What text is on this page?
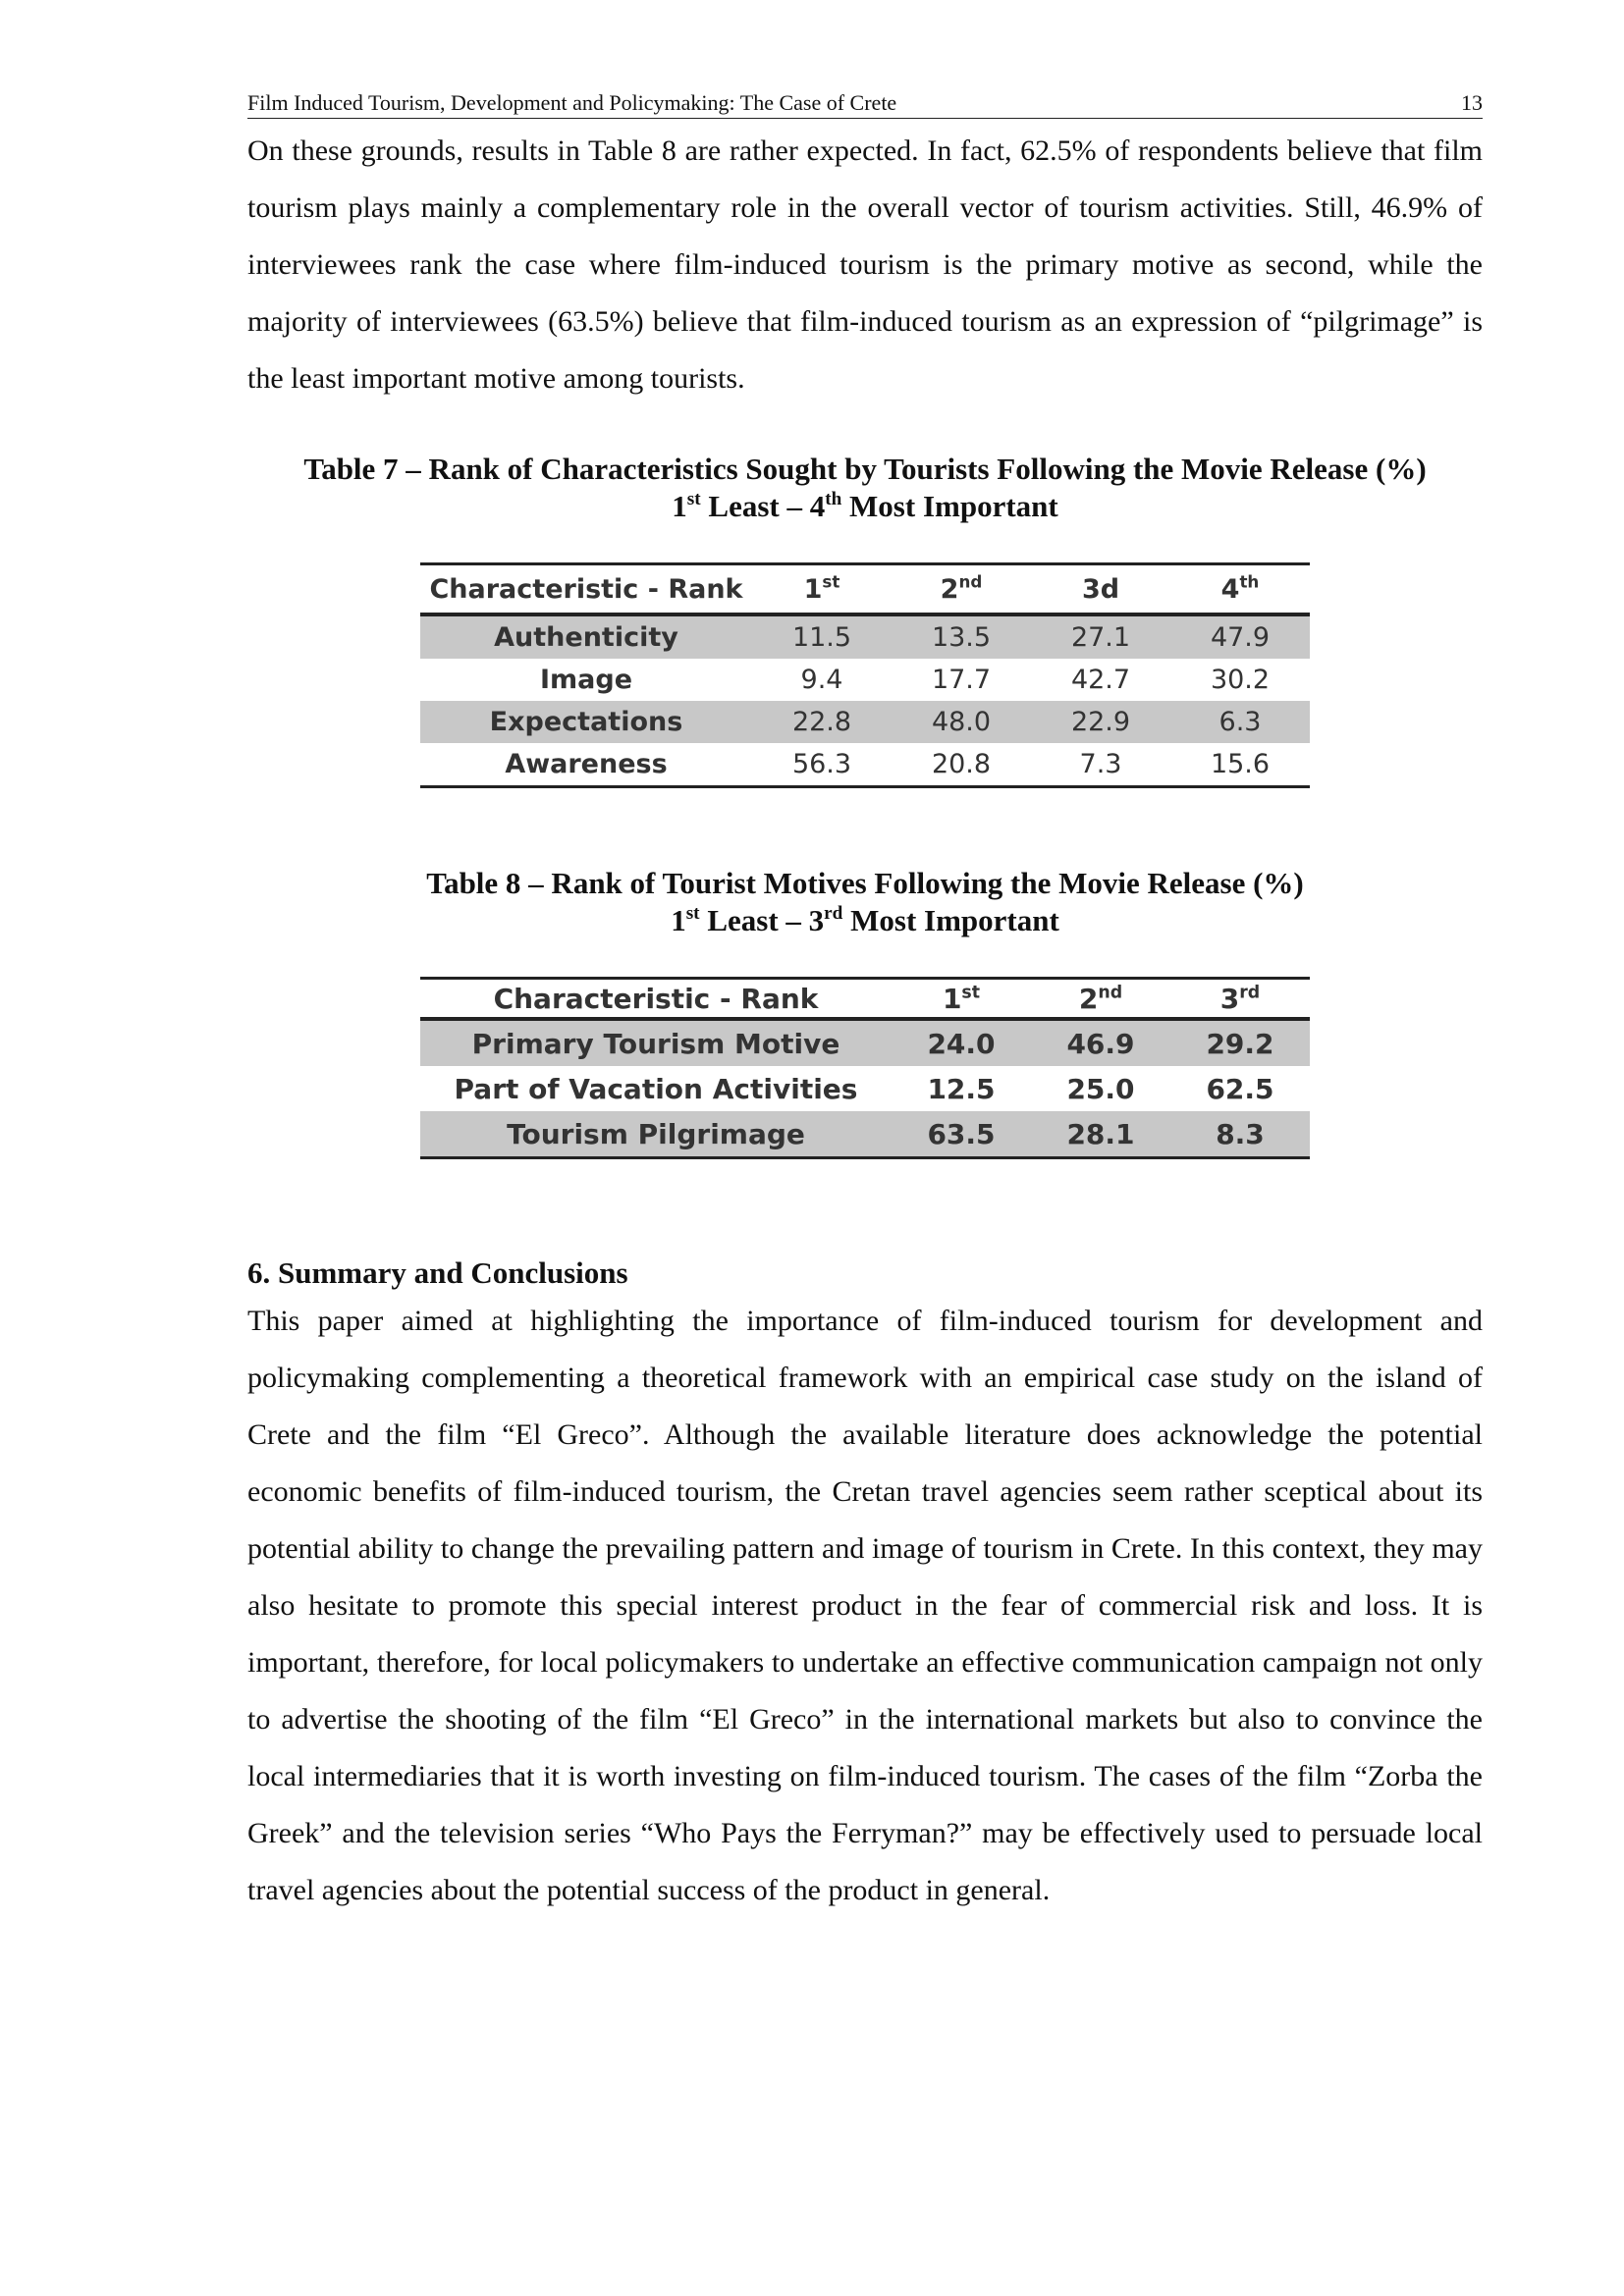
Film Induced Tourism, Development and Policymaking: The Case of Crete	13

On these grounds, results in Table 8 are rather expected. In fact, 62.5% of respondents believe that film tourism plays mainly a complementary role in the overall vector of tourism activities. Still, 46.9% of interviewees rank the case where film-induced tourism is the primary motive as second, while the majority of interviewees (63.5%) believe that film-induced tourism as an expression of “pilgrimage” is the least important motive among tourists.

Table 7 – Rank of Characteristics Sought by Tourists Following the Movie Release (%)

1st Least – 4th Most Important

Characteristic - Rank	1st	2nd	3d	4th
Authenticity	11.5	13.5	27.1	47.9
Image	9.4	17.7	42.7	30.2
Expectations	22.8	48.0	22.9	6.3
Awareness	56.3	20.8	7.3	15.6

Table 8 – Rank of Tourist Motives Following the Movie Release (%)

1st Least – 3rd Most Important

Characteristic - Rank	1st	2nd	3rd
Primary Tourism Motive	24.0	46.9	29.2
Part of Vacation Activities	12.5	25.0	62.5
Tourism Pilgrimage	63.5	28.1	8.3

6. Summary and Conclusions

This paper aimed at highlighting the importance of film-induced tourism for development and policymaking complementing a theoretical framework with an empirical case study on the island of Crete and the film “El Greco”. Although the available literature does acknowledge the potential economic benefits of film-induced tourism, the Cretan travel agencies seem rather sceptical about its potential ability to change the prevailing pattern and image of tourism in Crete. In this context, they may also hesitate to promote this special interest product in the fear of commercial risk and loss. It is important, therefore, for local policymakers to undertake an effective communication campaign not only to advertise the shooting of the film “El Greco” in the international markets but also to convince the local intermediaries that it is worth investing on film-induced tourism. The cases of the film “Zorba the Greek” and the television series “Who Pays the Ferryman?” may be effectively used to persuade local travel agencies about the potential success of the product in general.
